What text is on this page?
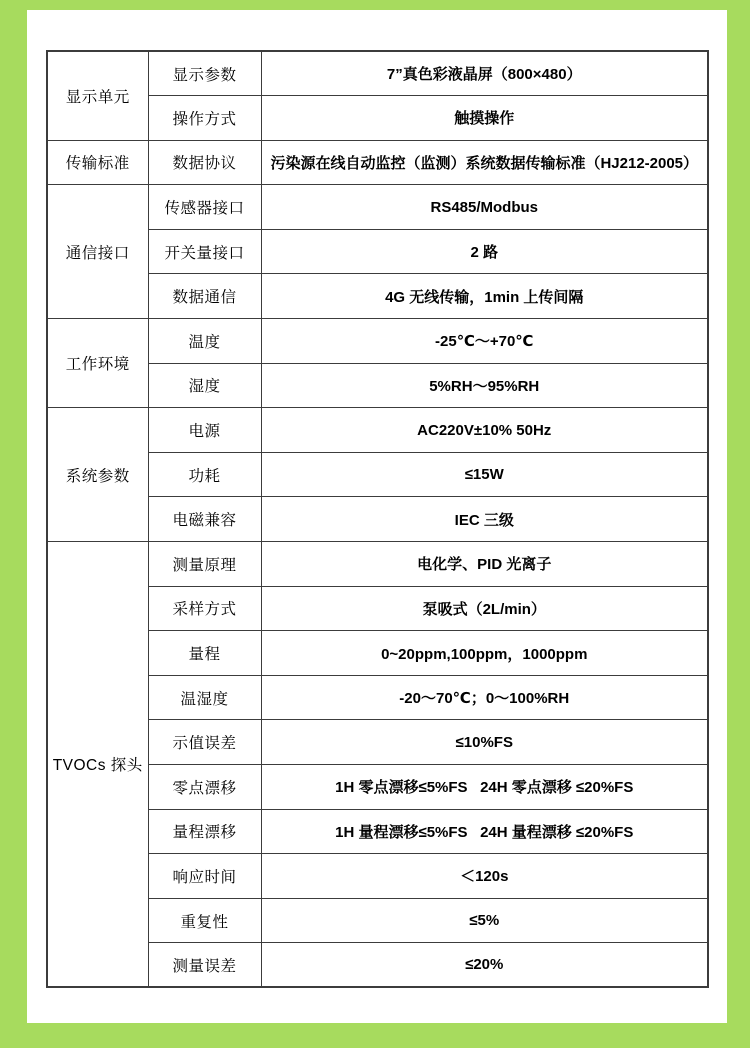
显示单元	显示参数	7”真色彩液晶屏（800×480）
	操作方式	触摸操作
传输标准	数据协议	污染源在线自动监控（监测）系统数据传输标准（HJ212-2005）
通信接口	传感器接口	RS485/Modbus
	开关量接口	2 路
	数据通信	4G 无线传输，1min 上传间隔
工作环境	温度	-25℃～+70℃
	湿度	5%RH～95%RH
系统参数	电源	AC220V±10% 50Hz
	功耗	≤15W
	电磁兼容	IEC 三级
TVOCs 探头	测量原理	电化学、PID 光离子
	采样方式	泵吸式（2L/min）
	量程	0~20ppm,100ppm，1000ppm
	温湿度	-20～70℃；0～100%RH
	示值误差	≤10%FS
	零点漂移	1H 零点漂移≤5%FS   24H 零点漂移 ≤20%FS
	量程漂移	1H 量程漂移≤5%FS   24H 量程漂移 ≤20%FS
	响应时间	＜120s
	重复性	≤5%
	测量误差	≤20%
